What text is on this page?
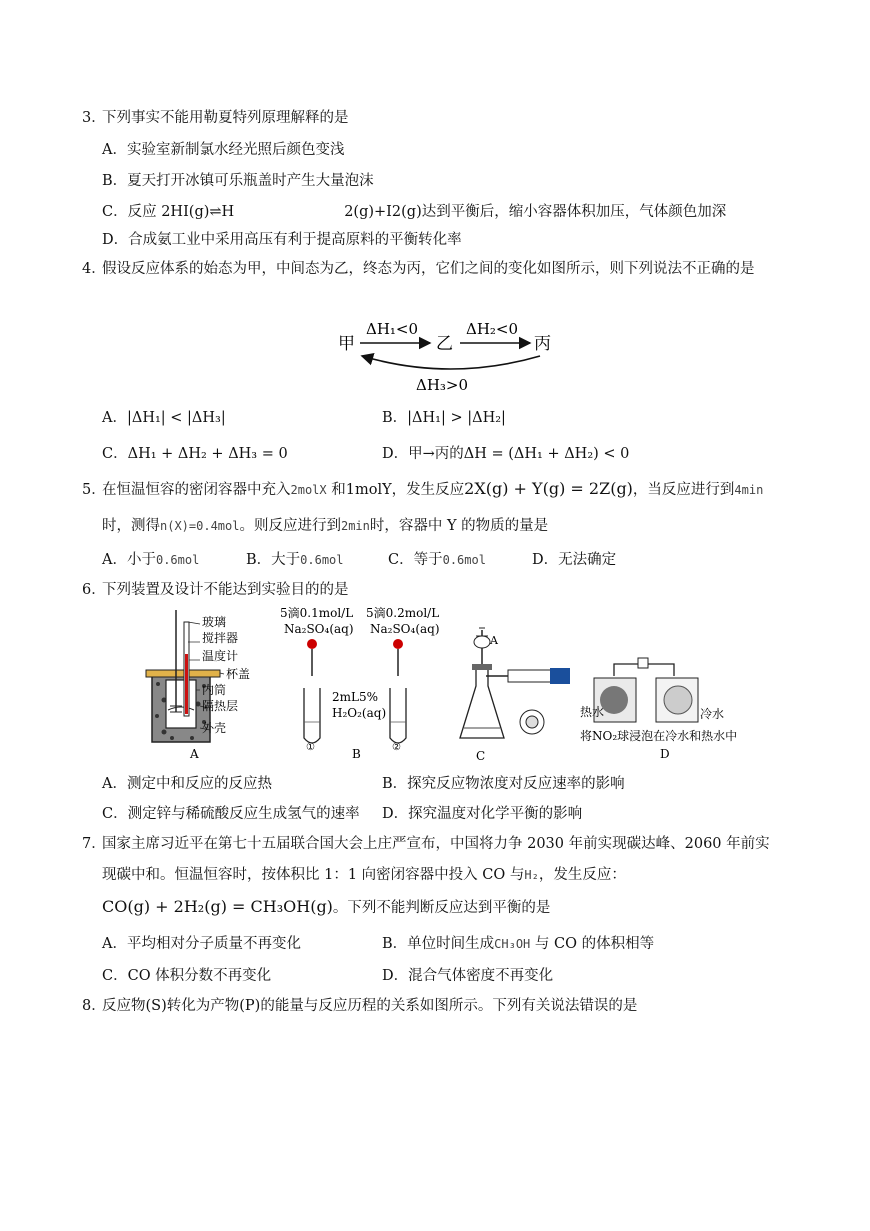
3．下列事实不能用勒夏特列原理解释的是
A．实验室新制氯水经光照后颜色变浅
B．夏天打开冰镇可乐瓶盖时产生大量泡沫
C．反应 2HI(g)⇌H	2(g)+I2(g)达到平衡后，缩小容器体积加压，气体颜色加深
D．合成氨工业中采用高压有利于提高原料的平衡转化率
4．假设反应体系的始态为甲，中间态为乙，终态为丙，它们之间的变化如图所示，则下列说法不正确的是
甲	乙	丙
ΔH₁<0	ΔH₂<0
ΔH₃>0
A．|ΔH₁| < |ΔH₃|	B．|ΔH₁| > |ΔH₂|
C．ΔH₁ + ΔH₂ + ΔH₃ = 0	D．甲→丙的ΔH = (ΔH₁ + ΔH₂) < 0
5．在恒温恒容的密闭容器中充入2molX 和1molY，发生反应2X(g) + Y(g) = 2Z(g)，当反应进行到4min
时，测得n(X)=0.4mol。则反应进行到2min时，容器中 Y 的物质的量是
A．小于0.6mol	B．大于0.6mol	C．等于0.6mol	D．无法确定
6．下列装置及设计不能达到实验目的的是
玻璃
搅拌器
温度计
杯盖
内筒
隔热层
外壳
A
5滴0.1mol/L
Na₂SO₄(aq)
5滴0.2mol/L
Na₂SO₄(aq)
2mL5%
H₂O₂(aq)
①	②
B
A
C
热水	冷水
将NO₂球浸泡在冷水和热水中
D
A．测定中和反应的反应热	B．探究反应物浓度对反应速率的影响
C．测定锌与稀硫酸反应生成氢气的速率 D．探究温度对化学平衡的影响
7．国家主席习近平在第七十五届联合国大会上庄严宣布，中国将力争 2030 年前实现碳达峰、2060 年前实
现碳中和。恒温恒容时，按体积比 1：1 向密闭容器中投入 CO 与H₂，发生反应：
CO(g) + 2H₂(g) = CH₃OH(g)。下列不能判断反应达到平衡的是
A．平均相对分子质量不再变化	B．单位时间生成CH₃OH 与 CO 的体积相等
C．CO 体积分数不再变化	D．混合气体密度不再变化
8．反应物(S)转化为产物(P)的能量与反应历程的关系如图所示。下列有关说法错误的是
